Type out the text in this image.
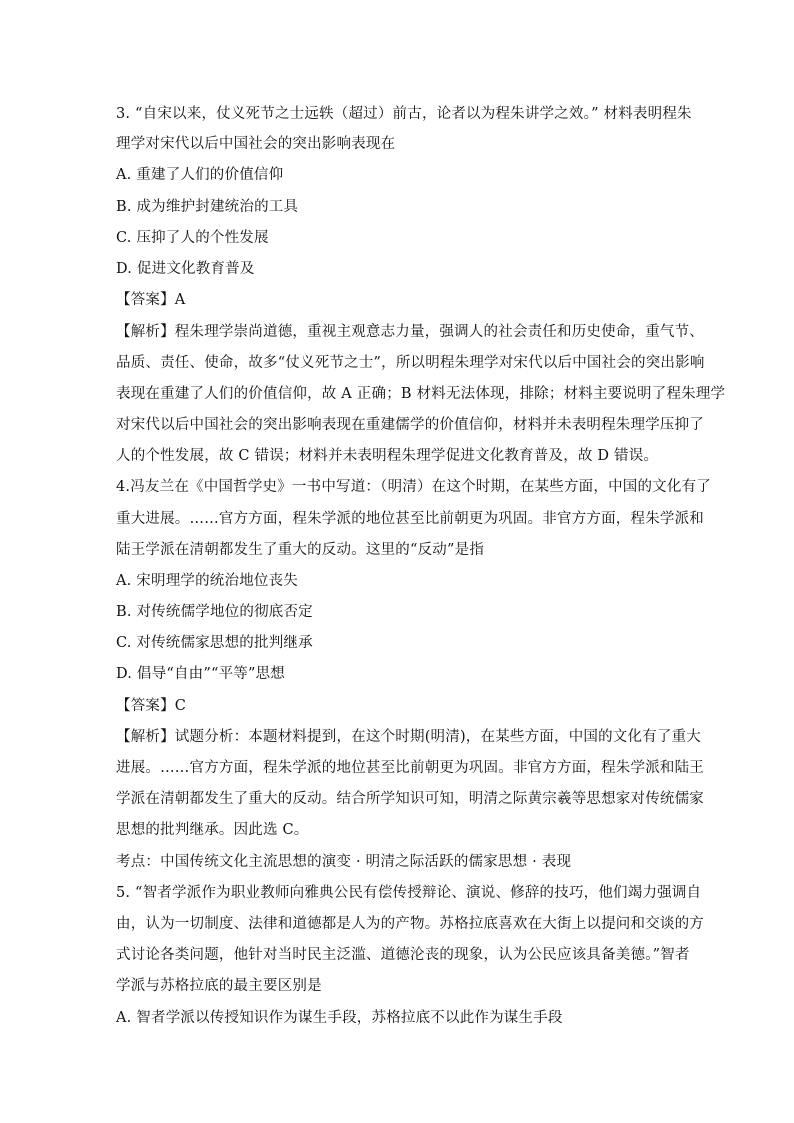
3. “自宋以来，仗义死节之士远轶（超过）前古，论者以为程朱讲学之效。” 材料表明程朱
理学对宋代以后中国社会的突出影响表现在
A. 重建了人们的价值信仰
B. 成为维护封建统治的工具
C. 压抑了人的个性发展
D. 促进文化教育普及
【答案】A
【解析】程朱理学崇尚道德，重视主观意志力量，强调人的社会责任和历史使命，重气节、
品质、责任、使命，故多“仗义死节之士”，所以明程朱理学对宋代以后中国社会的突出影响
表现在重建了人们的价值信仰，故 A 正确；B 材料无法体现，排除；材料主要说明了程朱理学
对宋代以后中国社会的突出影响表现在重建儒学的价值信仰，材料并未表明程朱理学压抑了
人的个性发展，故 C 错误；材料并未表明程朱理学促进文化教育普及，故 D 错误。
4.冯友兰在《中国哲学史》一书中写道：（明清）在这个时期，在某些方面，中国的文化有了
重大进展。……官方方面，程朱学派的地位甚至比前朝更为巩固。非官方方面，程朱学派和
陆王学派在清朝都发生了重大的反动。这里的“反动”是指
A. 宋明理学的统治地位丧失
B. 对传统儒学地位的彻底否定
C. 对传统儒家思想的批判继承
D. 倡导“自由”“平等”思想
【答案】C
【解析】试题分析：本题材料提到，在这个时期(明清)，在某些方面，中国的文化有了重大
进展。……官方方面，程朱学派的地位甚至比前朝更为巩固。非官方方面，程朱学派和陆王
学派在清朝都发生了重大的反动。结合所学知识可知，明清之际黄宗羲等思想家对传统儒家
思想的批判继承。因此选 C。
考点：中国传统文化主流思想的演变 · 明清之际活跃的儒家思想 · 表现
5. “智者学派作为职业教师向雅典公民有偿传授辩论、演说、修辞的技巧，他们竭力强调自
由，认为一切制度、法律和道德都是人为的产物。苏格拉底喜欢在大街上以提问和交谈的方
式讨论各类问题，他针对当时民主泛滥、道德沦丧的现象，认为公民应该具备美德。”智者
学派与苏格拉底的最主要区别是
A. 智者学派以传授知识作为谋生手段，苏格拉底不以此作为谋生手段
